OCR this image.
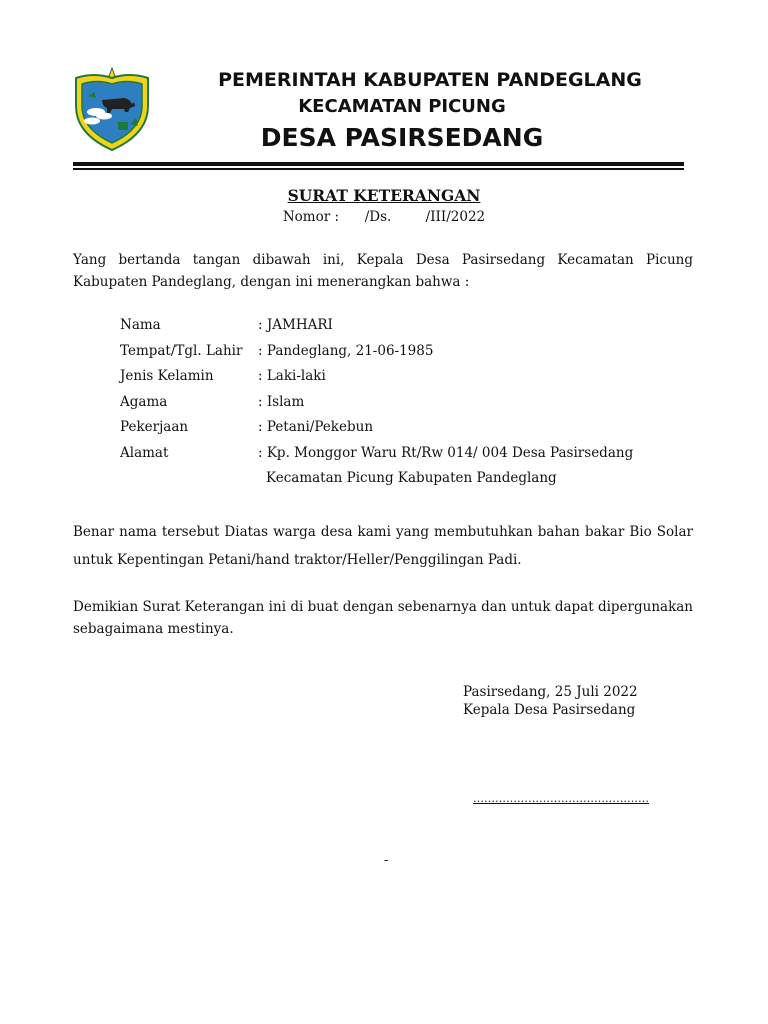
PEMERINTAH KABUPATEN PANDEGLANG
KECAMATAN PICUNG
DESA PASIRSEDANG
SURAT KETERANGAN
Nomor :      /Ds.        /III/2022
Yang bertanda tangan dibawah ini, Kepala Desa Pasirsedang Kecamatan Picung Kabupaten Pandeglang, dengan ini menerangkan bahwa :
Nama	: JAMHARI
Tempat/Tgl. Lahir : Pandeglang, 21-06-1985
Jenis Kelamin	: Laki-laki
Agama	: Islam
Pekerjaan	: Petani/Pekebun
Alamat	: Kp. Monggor Waru Rt/Rw 014/ 004 Desa Pasirsedang
Kecamatan Picung Kabupaten Pandeglang
Benar nama tersebut Diatas warga desa kami yang membutuhkan bahan bakar Bio Solar untuk Kepentingan Petani/hand traktor/Heller/Penggilingan Padi.
Demikian Surat Keterangan ini di buat dengan sebenarnya dan untuk dapat dipergunakan sebagaimana mestinya.
Pasirsedang, 25 Juli 2022
Kepala Desa Pasirsedang
…………………………………………
-
